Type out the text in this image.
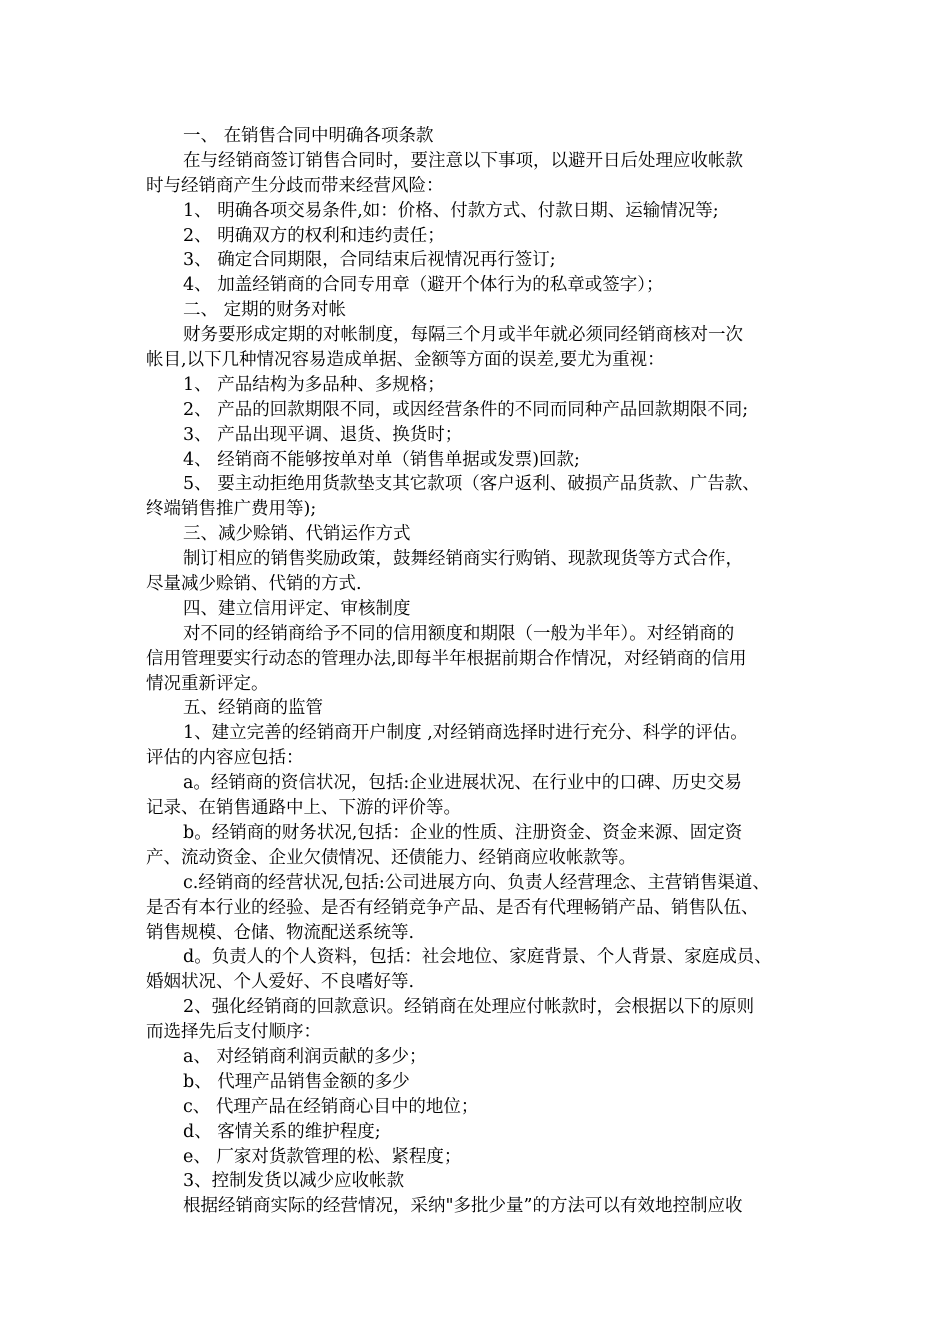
一、 在销售合同中明确各项条款
在与经销商签订销售合同时，要注意以下事项，以避开日后处理应收帐款
时与经销商产生分歧而带来经营风险：
1、 明确各项交易条件,如：价格、付款方式、付款日期、运输情况等;
2、 明确双方的权利和违约责任；
3、 确定合同期限，合同结束后视情况再行签订;
4、 加盖经销商的合同专用章（避开个体行为的私章或签字）；
二、 定期的财务对帐
财务要形成定期的对帐制度，每隔三个月或半年就必须同经销商核对一次
帐目,以下几种情况容易造成单据、金额等方面的误差,要尤为重视：
1、 产品结构为多品种、多规格；
2、 产品的回款期限不同，或因经营条件的不同而同种产品回款期限不同;
3、 产品出现平调、退货、换货时；
4、 经销商不能够按单对单（销售单据或发票)回款;
5、 要主动拒绝用货款垫支其它款项（客户返利、破损产品货款、广告款、
终端销售推广费用等);
三、减少赊销、代销运作方式
制订相应的销售奖励政策，鼓舞经销商实行购销、现款现货等方式合作，
尽量减少赊销、代销的方式.
四、建立信用评定、审核制度
对不同的经销商给予不同的信用额度和期限（一般为半年）。对经销商的
信用管理要实行动态的管理办法,即每半年根据前期合作情况，对经销商的信用
情况重新评定。
五、经销商的监管
1、建立完善的经销商开户制度 ,对经销商选择时进行充分、科学的评估。
评估的内容应包括：
a。经销商的资信状况，包括:企业进展状况、在行业中的口碑、历史交易
记录、在销售通路中上、下游的评价等。
b。经销商的财务状况,包括：企业的性质、注册资金、资金来源、固定资
产、流动资金、企业欠债情况、还债能力、经销商应收帐款等。
c.经销商的经营状况,包括:公司进展方向、负责人经营理念、主营销售渠道、
是否有本行业的经验、是否有经销竞争产品、是否有代理畅销产品、销售队伍、
销售规模、仓储、物流配送系统等.
d。负责人的个人资料，包括：社会地位、家庭背景、个人背景、家庭成员、
婚姻状况、个人爱好、不良嗜好等.
2、强化经销商的回款意识。经销商在处理应付帐款时，会根据以下的原则
而选择先后支付顺序：
a、 对经销商利润贡献的多少；
b、 代理产品销售金额的多少
c、 代理产品在经销商心目中的地位；
d、 客情关系的维护程度;
e、 厂家对货款管理的松、紧程度；
3、控制发货以减少应收帐款
根据经销商实际的经营情况，采纳"多批少量”的方法可以有效地控制应收
